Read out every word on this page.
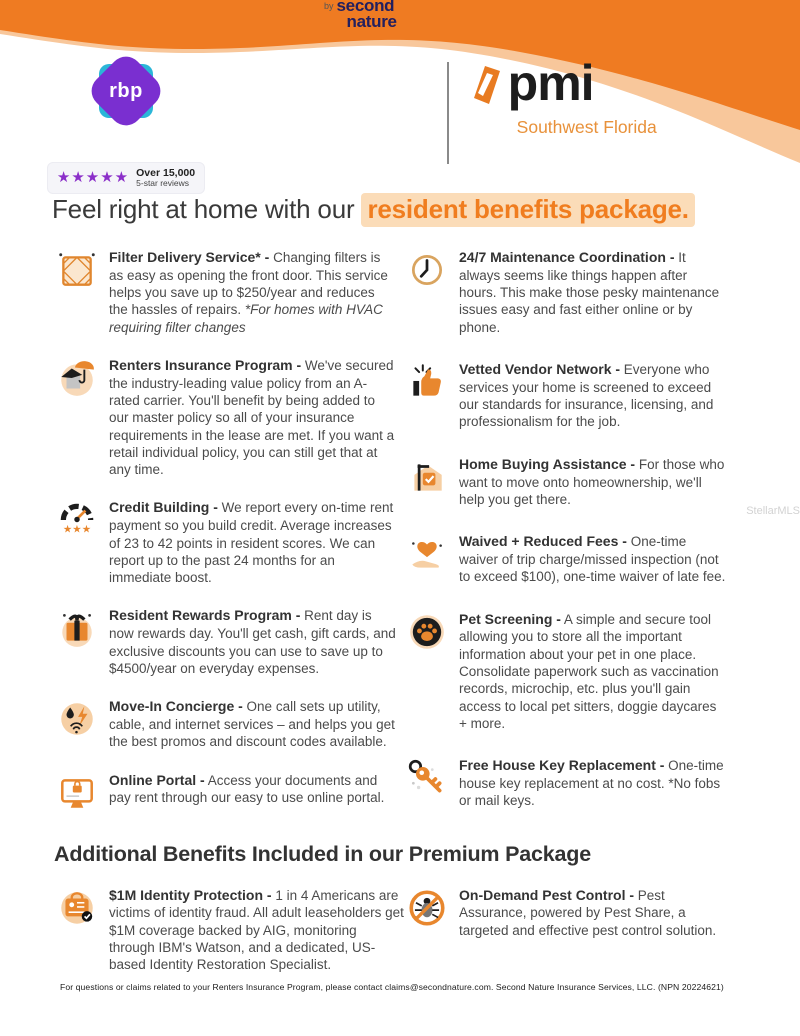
rbp
★★★★★ Over 15,000
5-star reviews
by second
nature
pmi
Southwest Florida
Feel right at home with our resident benefits package.

Filter Delivery Service* - Changing filters is as easy as opening the front door. This service helps you save up to $250/year and reduces the hassles of repairs. *For homes with HVAC requiring filter changes

Renters Insurance Program - We've secured the industry-leading value policy from an A-rated carrier. You'll benefit by being added to our master policy so all of your insurance requirements in the lease are met. If you want a retail individual policy, you can still get that at any time.

★★★

Credit Building - We report every on-time rent payment so you build credit. Average increases of 23 to 42 points in resident scores. We can report up to the past 24 months for an immediate boost.

Resident Rewards Program - Rent day is now rewards day. You'll get cash, gift cards, and exclusive discounts you can use to save up to $4500/year on everyday expenses.

Move-In Concierge - One call sets up utility, cable, and internet services – and helps you get the best promos and discount codes available.

Online Portal - Access your documents and pay rent through our easy to use online portal.

24/7 Maintenance Coordination - It always seems like things happen after hours. This make those pesky maintenance issues easy and fast either online or by phone.

Vetted Vendor Network - Everyone who services your home is screened to exceed our standards for insurance, licensing, and professionalism for the job.

Home Buying Assistance - For those who want to move onto homeownership, we'll help you get there.

Waived + Reduced Fees - One-time waiver of trip charge/missed inspection (not to exceed $100), one-time waiver of late fee.

Pet Screening - A simple and secure tool allowing you to store all the important information about your pet in one place. Consolidate paperwork such as vaccination records, microchip, etc. plus you'll gain access to local pet sitters, doggie daycares + more.

Free House Key Replacement - One-time house key replacement at no cost. *No fobs or mail keys.

Additional Benefits Included in our Premium Package

$1M Identity Protection - 1 in 4 Americans are victims of identity fraud. All adult leaseholders get $1M coverage backed by AIG, monitoring through IBM's Watson, and a dedicated, US-based Identity Restoration Specialist.

On-Demand Pest Control - Pest Assurance, powered by Pest Share, a targeted and effective pest control solution.

For questions or claims related to your Renters Insurance Program, please contact claims@secondnature.com. Second Nature Insurance Services, LLC. (NPN 20224621)
StellarMLS
